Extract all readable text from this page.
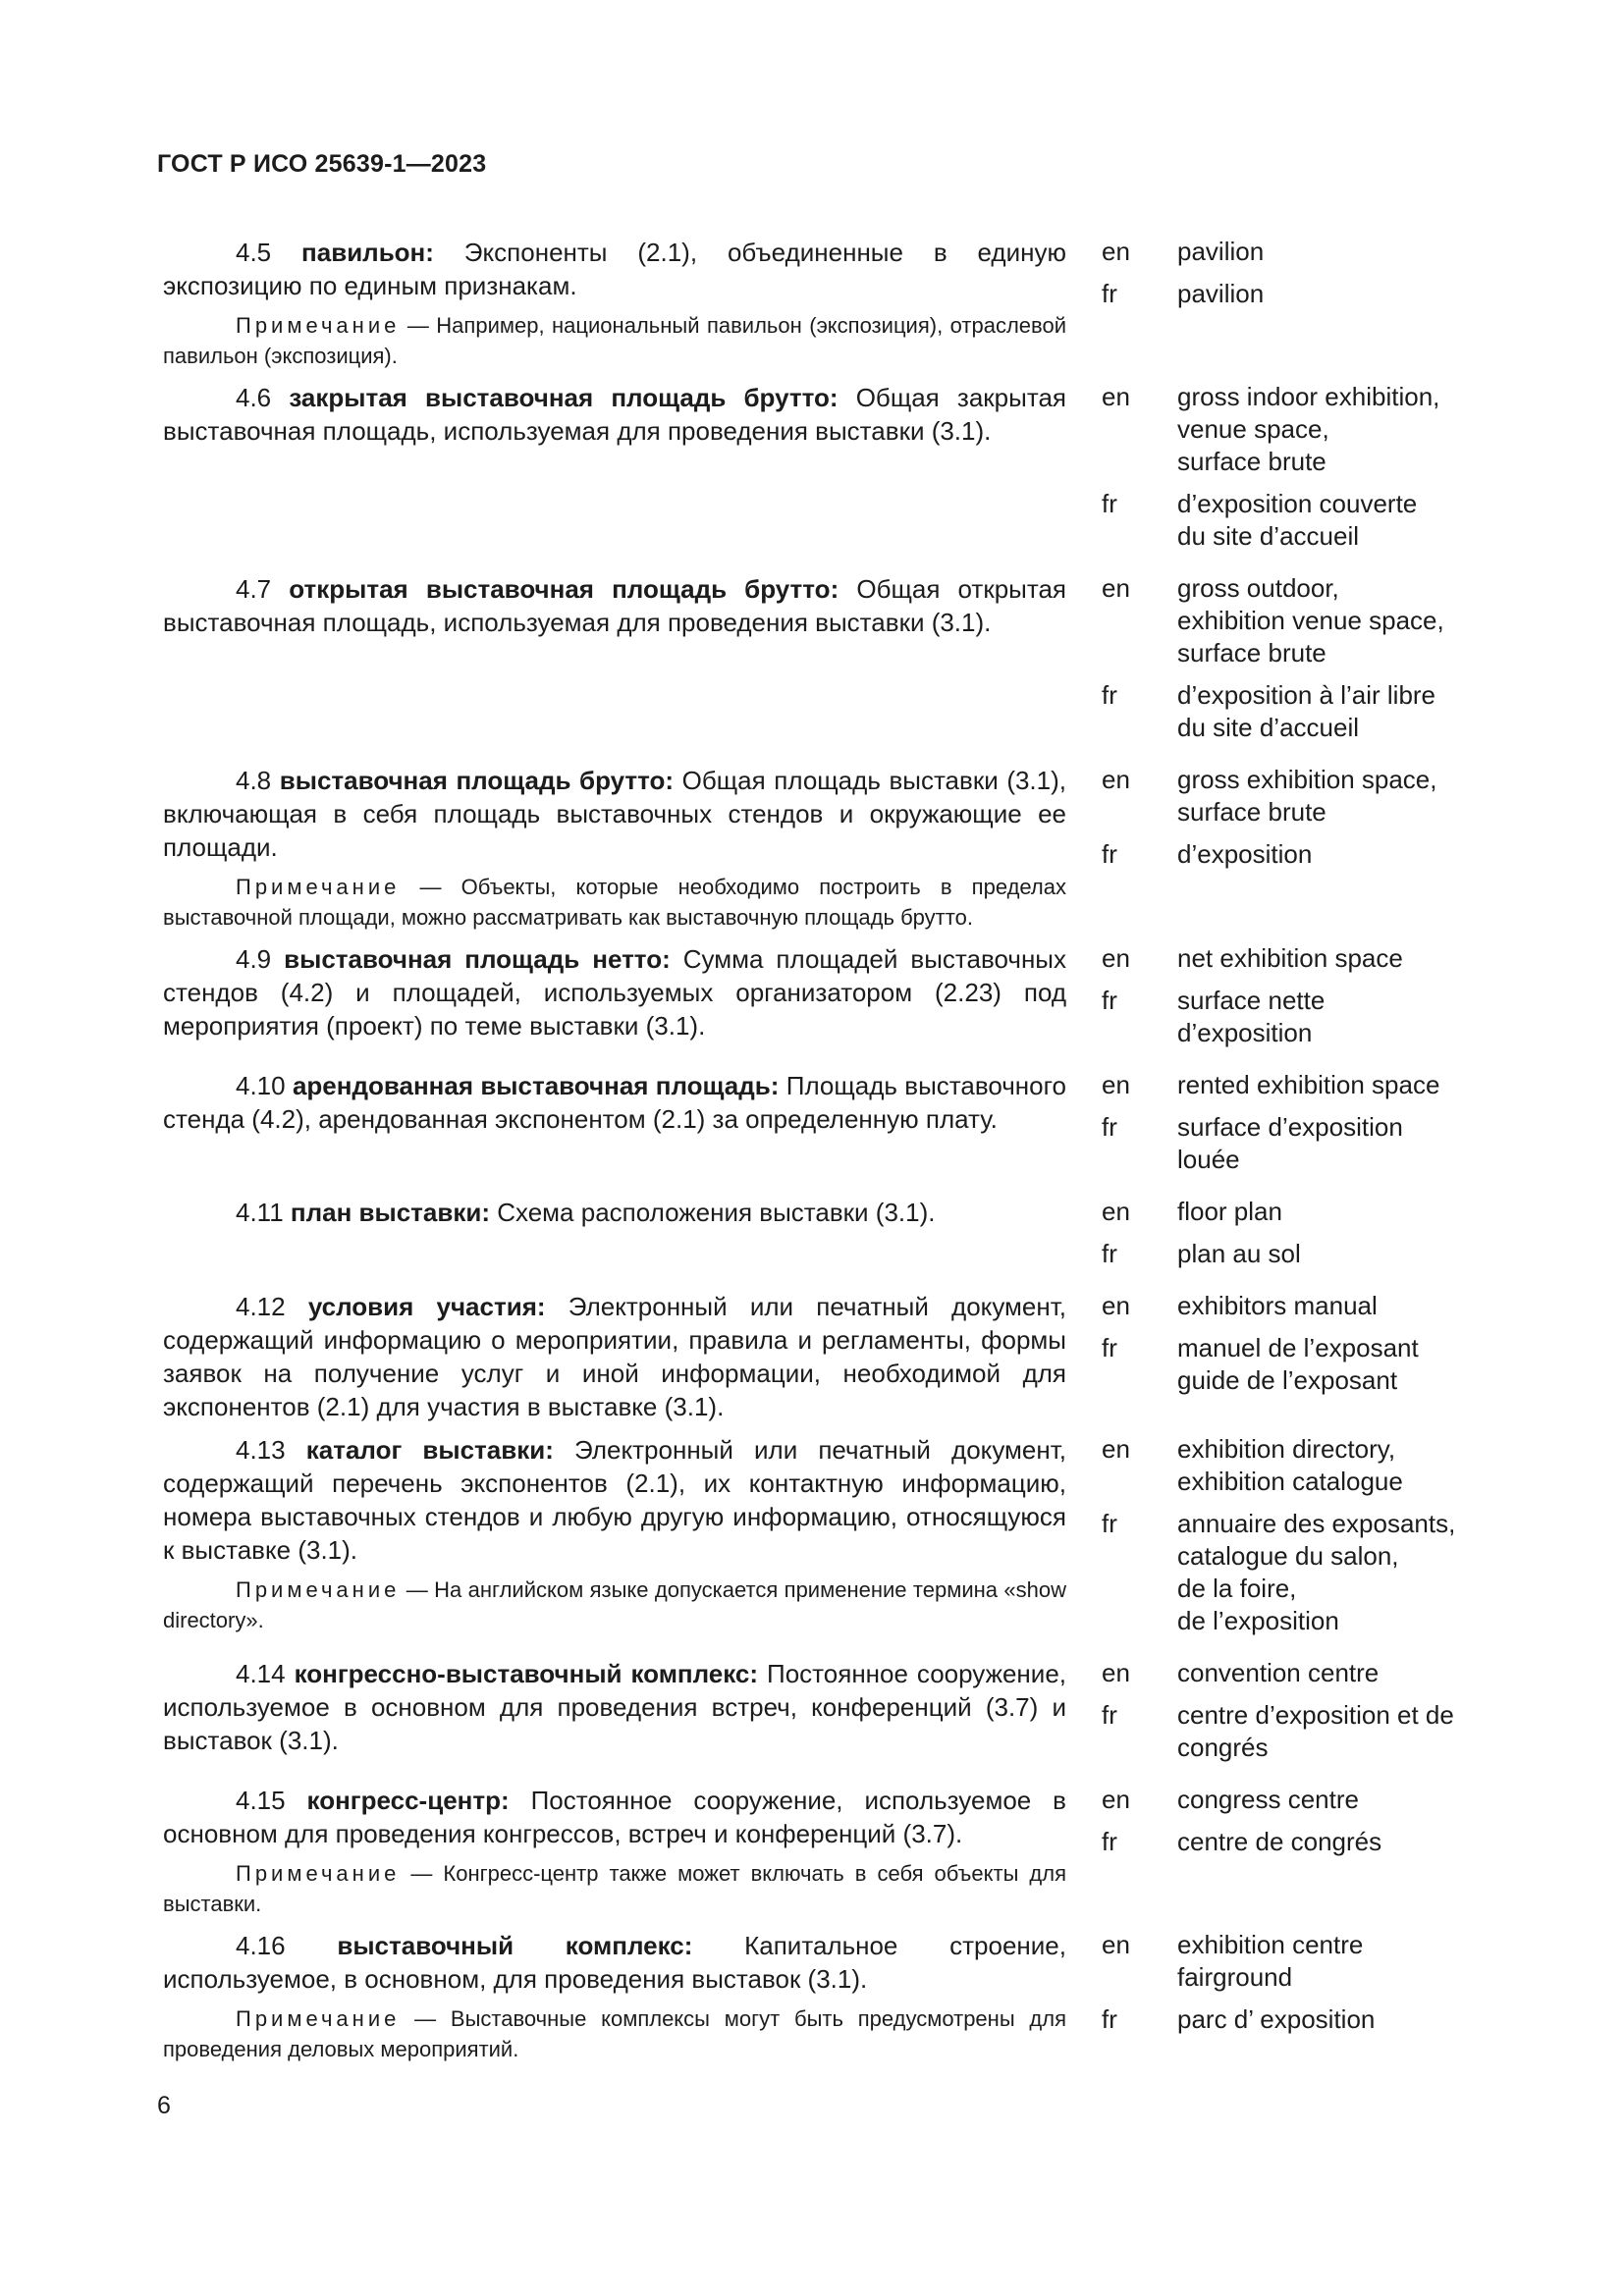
ГОСТ Р ИСО 25639-1—2023

4.5 павильон: Экспоненты (2.1), объединенные в единую экспозицию по единым признакам.

Примечание — Например, национальный павильон (экспозиция), отраслевой павильон (экспозиция).

en	pavilion
fr	pavilion

4.6 закрытая выставочная площадь брутто: Общая закрытая выставочная площадь, используемая для проведения выставки (3.1).

en	gross indoor exhibition,
venue space,
surface brute
fr	d’exposition couverte
du site d’accueil

4.7 открытая выставочная площадь брутто: Общая открытая выставочная площадь, используемая для проведения выставки (3.1).

en	gross outdoor,
exhibition venue space,
surface brute
fr	d’exposition à l’air libre
du site d’accueil

4.8 выставочная площадь брутто: Общая площадь выставки (3.1), включающая в себя площадь выставочных стендов и окружающие ее площади.

Примечание — Объекты, которые необходимо построить в пределах выставочной площади, можно рассматривать как выставочную площадь брутто.

en	gross exhibition space,
surface brute
fr	d’exposition

4.9 выставочная площадь нетто: Сумма площадей выставочных стендов (4.2) и площадей, используемых организатором (2.23) под мероприятия (проект) по теме выставки (3.1).

en	net exhibition space
fr	surface nette
d’exposition

4.10 арендованная выставочная площадь: Площадь выставочного стенда (4.2), арендованная экспонентом (2.1) за определенную плату.

en	rented exhibition space
fr	surface d’exposition
louée

4.11 план выставки: Схема расположения выставки (3.1).	en	floor plan
fr	plan au sol

4.12 условия участия: Электронный или печатный документ, содержащий информацию о мероприятии, правила и регламенты, формы заявок на получение услуг и иной информации, необходимой для экспонентов (2.1) для участия в выставке (3.1).

en	exhibitors manual
fr	manuel de l’exposant
guide de l’exposant

4.13 каталог выставки: Электронный или печатный документ, содержащий перечень экспонентов (2.1), их контактную информацию, номера выставочных стендов и любую другую информацию, относящуюся к выставке (3.1).

Примечание — На английском языке допускается применение термина «show directory».

en	exhibition directory,
exhibition catalogue
fr	annuaire des exposants,
catalogue du salon,
de la foire,
de l’exposition

4.14 конгрессно-выставочный комплекс: Постоянное сооружение, используемое в основном для проведения встреч, конференций (3.7) и выставок (3.1).

en	convention centre
fr	centre d’exposition et de
congrés

4.15 конгресс-центр: Постоянное сооружение, используемое в основном для проведения конгрессов, встреч и конференций (3.7).

Примечание — Конгресс-центр также может включать в себя объекты для выставки.

en	congress centre
fr	centre de congrés

4.16 выставочный комплекс: Капитальное строение, используемое, в основном, для проведения выставок (3.1).

Примечание — Выставочные комплексы могут быть предусмотрены для проведения деловых мероприятий.

en	exhibition centre
fairground
fr	parc d’ exposition
6
